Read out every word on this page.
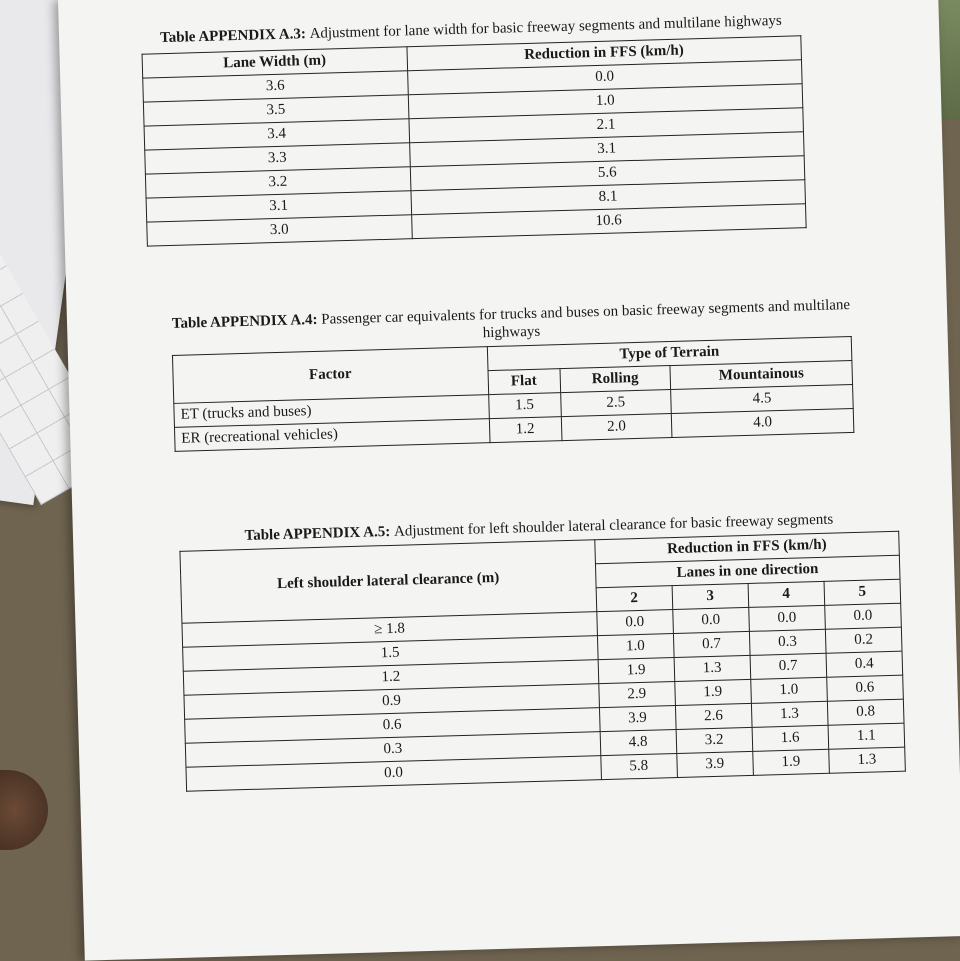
Table APPENDIX A.3: Adjustment for lane width for basic freeway segments and multilane highways
Lane Width (m)	Reduction in FFS (km/h)
3.6	0.0
3.5	1.0
3.4	2.1
3.3	3.1
3.2	5.6
3.1	8.1
3.0	10.6
Table APPENDIX A.4: Passenger car equivalents for trucks and buses on basic freeway segments and multilane highways
Factor	Type of Terrain		
	Flat	Rolling	Mountainous
ET (trucks and buses)	1.5	2.5	4.5
ER (recreational vehicles)	1.2	2.0	4.0
Table APPENDIX A.5: Adjustment for left shoulder lateral clearance for basic freeway segments
Left shoulder lateral clearance (m)	Reduction in FFS (km/h)			
	Lanes in one direction			
	2	3	4	5
≥ 1.8	0.0	0.0	0.0	0.0
1.5	1.0	0.7	0.3	0.2
1.2	1.9	1.3	0.7	0.4
0.9	2.9	1.9	1.0	0.6
0.6	3.9	2.6	1.3	0.8
0.3	4.8	3.2	1.6	1.1
0.0	5.8	3.9	1.9	1.3
